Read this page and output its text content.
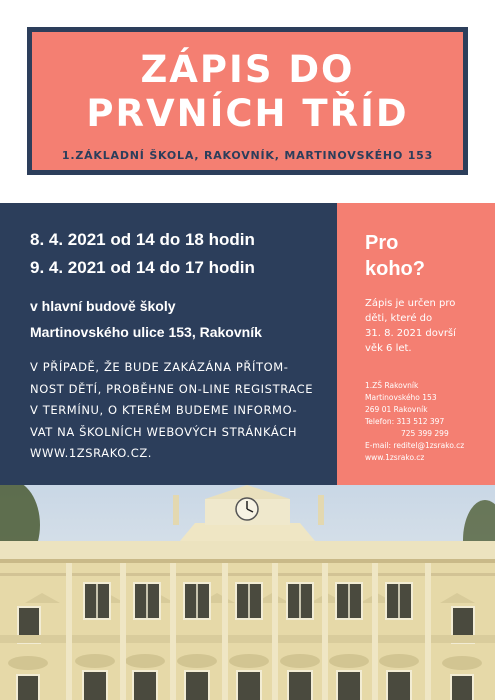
ZÁPIS DO
PRVNÍCH TŘÍD
1.ZÁKLADNÍ ŠKOLA, RAKOVNÍK, MARTINOVSKÉHO 153
8. 4. 2021 od 14 do 18 hodin
9. 4. 2021 od 14 do 17 hodin
v hlavní budově školy
Martinovského ulice 153, Rakovník
V PŘÍPADĚ, ŽE BUDE ZAKÁZÁNA PŘÍTOM-
NOST DĚTÍ, PROBĚHNE ON-LINE REGISTRACE
V TERMÍNU, O KTERÉM BUDEME INFORMO-
VAT NA ŠKOLNÍCH WEBOVÝCH STRÁNKÁCH
WWW.1ZSRAKO.CZ.
Pro
koho?
Zápis je určen pro
děti, které do
31. 8. 2021 dovrší
věk 6 let.
1.ZŠ Rakovník
Martinovského 153
269 01 Rakovník
Telefon: 313 512 397
725 399 299
E-mail: reditel@1zsrako.cz
www.1zsrako.cz
